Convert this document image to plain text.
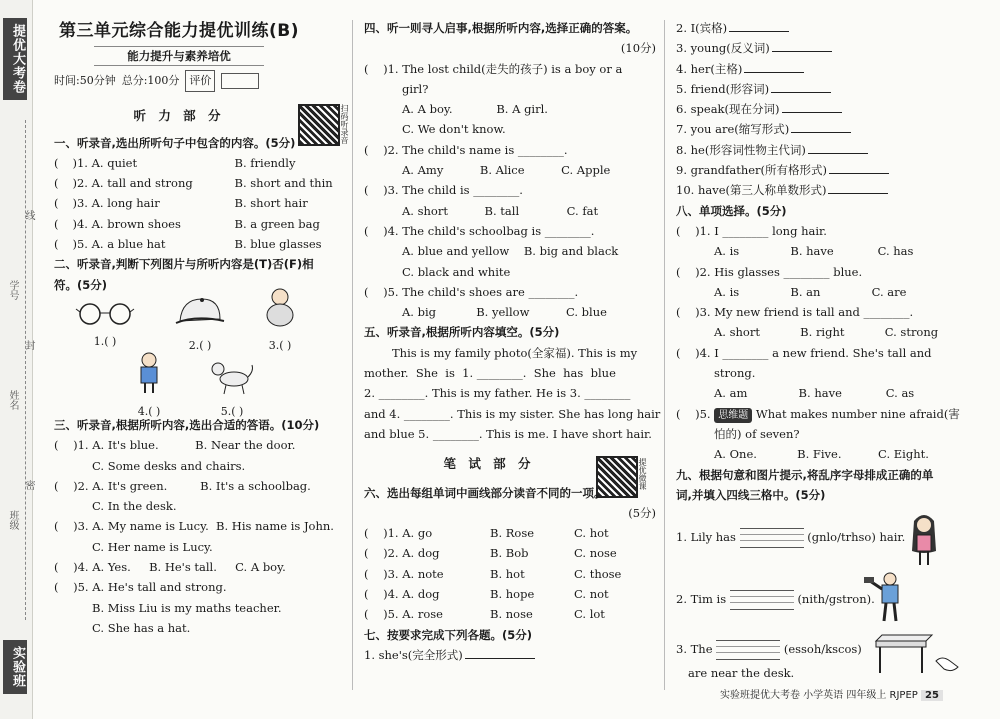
提优大考卷
实验班
学号
姓名
班级
线
封
密
第三单元综合能力提优训练(B)
能力提升与素养培优
时间:50分钟 总分:100分 评价
扫码听录音
听 力 部 分
一、听录音,选出所听句子中包含的内容。(5分)
( )1. A. quiet	B. friendly
( )2. A. tall and strong	B. short and thin
( )3. A. long hair	B. short hair
( )4. A. brown shoes	B. a green bag
( )5. A. a blue hat	B. blue glasses
二、听录音,判断下列图片与所听内容是(T)否(F)相
符。(5分)
1.( )	2.( )	3.( )
4.( )	5.( )
三、听录音,根据所听内容,选出合适的答语。(10分)
(    )1. A. It's blue.          B. Near the door.
C. Some desks and chairs.
(    )2. A. It's green.         B. It's a schoolbag.
C. In the desk.
(    )3. A. My name is Lucy.  B. His name is John.
C. Her name is Lucy.
(    )4. A. Yes.     B. He's tall.     C. A boy.
(    )5. A. He's tall and strong.
B. Miss Liu is my maths teacher.
C. She has a hat.
四、听一则寻人启事,根据所听内容,选择正确的答案。
(10分)
(    )1. The lost child(走失的孩子) is a boy or a
girl?
A. A boy.            B. A girl.
C. We don't know.
(    )2. The child's name is ________.
A. Amy          B. Alice          C. Apple
(    )3. The child is ________.
A. short          B. tall             C. fat
(    )4. The child's schoolbag is ________.
A. blue and yellow    B. big and black
C. black and white
(    )5. The child's shoes are ________.
A. big           B. yellow          C. blue
五、听录音,根据所听内容填空。(5分)
This is my family photo(全家福). This is my
mother.  She  is  1. ________.  She  has  blue
2. ________. This is my father. He is 3. ________
and 4. ________. This is my sister. She has long hair
and blue 5. ________. This is me. I have short hair.
笔 试 部 分	提优微课
六、选出每组单词中画线部分读音不同的一项。
(5分)
(    )1. A. go	B. Rose	C. hot
(    )2. A. dog	B. Bob	C. nose
(    )3. A. note	B. hot	C. those
(    )4. A. dog	B. hope	C. not
(    )5. A. rose	B. nose	C. lot
七、按要求完成下列各题。(5分)
1. she's(完全形式)
2. I(宾格)
3. young(反义词)
4. her(主格)
5. friend(形容词)
6. speak(现在分词)
7. you are(缩写形式)
8. he(形容词性物主代词)
9. grandfather(所有格形式)
10. have(第三人称单数形式)
八、单项选择。(5分)
(    )1. I ________ long hair.
A. is              B. have            C. has
(    )2. His glasses ________ blue.
A. is              B. an              C. are
(    )3. My new friend is tall and ________.
A. short           B. right           C. strong
(    )4. I ________ a new friend. She's tall and
strong.
A. am              B. have            C. as
(    )5. 思维题 What makes number nine afraid(害
怕的) of seven?
A. One.           B. Five.          C. Eight.
九、根据句意和图片提示,将乱序字母排成正确的单
词,并填入四线三格中。(5分)
1. Lily has	(gnlo/trhso) hair.
2. Tim is	(nith/gstron).
3. The	(essoh/kscos)
are near the desk.
实验班提优大考卷 小学英语 四年级上 RJPEP 25
